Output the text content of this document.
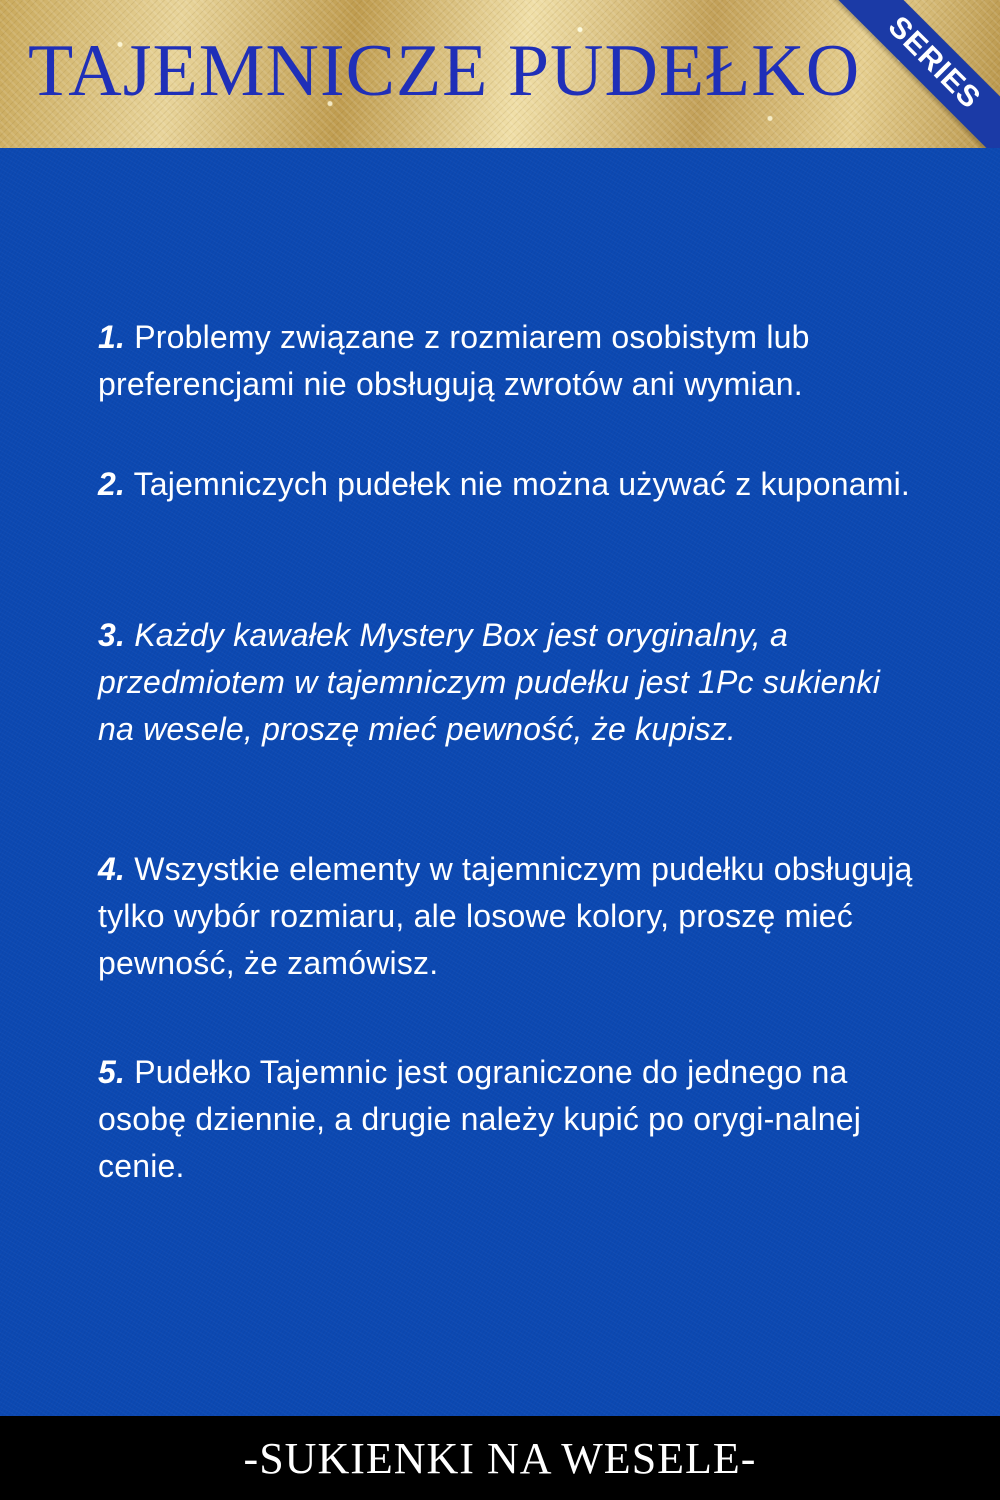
TAJEMNICZE PUDEŁKO SERIES

1. Problemy związane z rozmiarem osobistym lub preferencjami nie obsługują zwrotów ani wymian.

2. Tajemniczych pudełek nie można używać z kuponami.

3. Każdy kawałek Mystery Box jest oryginalny, a przedmiotem w tajemniczym pudełku jest 1Pc sukienki na wesele, proszę mieć pewność, że kupisz.

4. Wszystkie elementy w tajemniczym pudełku obsługują tylko wybór rozmiaru, ale losowe kolory, proszę mieć pewność, że zamówisz.

5. Pudełko Tajemnic jest ograniczone do jednego na osobę dziennie, a drugie należy kupić po orygi-nalnej cenie.

-SUKIENKI NA WESELE-
